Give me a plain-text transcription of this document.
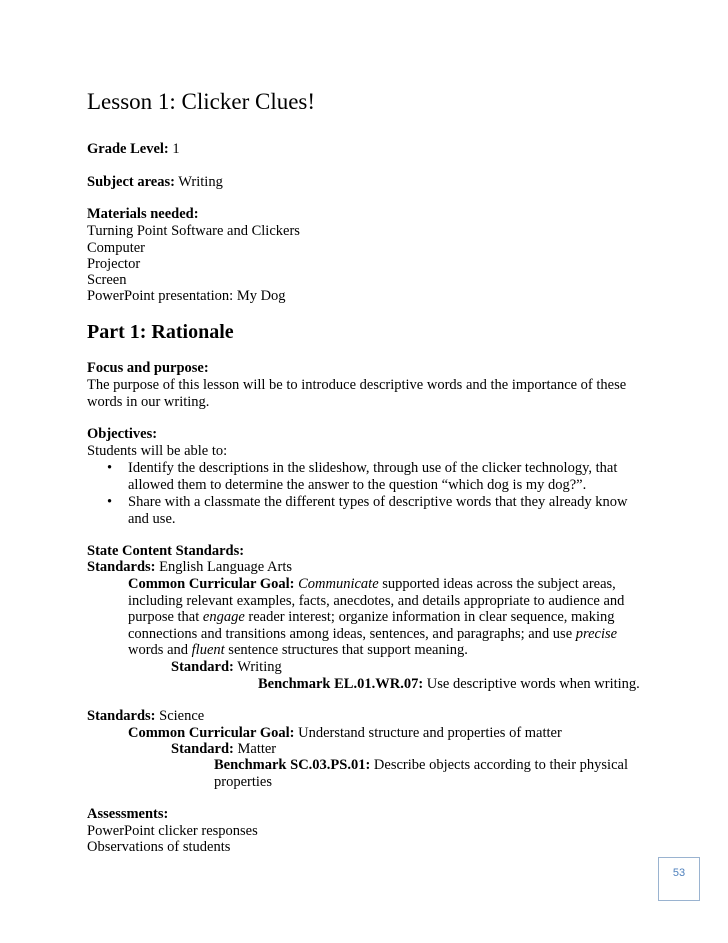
Lesson 1: Clicker Clues!
Grade Level: 1
Subject areas: Writing
Materials needed:
Turning Point Software and Clickers
Computer
Projector
Screen
PowerPoint presentation: My Dog
Part 1: Rationale
Focus and purpose:
The purpose of this lesson will be to introduce descriptive words and the importance of these
words in our writing.
Objectives:
Students will be able to:
• Identify the descriptions in the slideshow, through use of the clicker technology, that
allowed them to determine the answer to the question “which dog is my dog?”.
• Share with a classmate the different types of descriptive words that they already know
and use.
State Content Standards:
Standards: English Language Arts
Common Curricular Goal: Communicate supported ideas across the subject areas,
including relevant examples, facts, anecdotes, and details appropriate to audience and
purpose that engage reader interest; organize information in clear sequence, making
connections and transitions among ideas, sentences, and paragraphs; and use precise
words and fluent sentence structures that support meaning.
Standard: Writing
Benchmark EL.01.WR.07: Use descriptive words when writing.
Standards: Science
Common Curricular Goal: Understand structure and properties of matter
Standard: Matter
Benchmark SC.03.PS.01: Describe objects according to their physical
properties
Assessments:
PowerPoint clicker responses
Observations of students
53
